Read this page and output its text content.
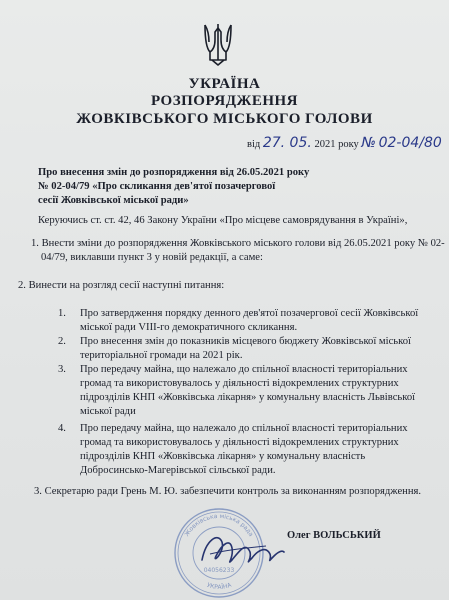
УКРАЇНА
РОЗПОРЯДЖЕННЯ
ЖОВКІВСЬКОГО МІСЬКОГО ГОЛОВИ
від 27. 05. 2021 року № 02-04/80
Про внесення змін до розпорядження від 26.05.2021 року
№ 02-04/79 «Про скликання дев'ятої позачергової
сесії Жовківської міської ради»
Керуючись ст. ст. 42, 46 Закону України «Про місцеве самоврядування в Україні»,
1. Внести зміни до розпорядження Жовківського міського голови від 26.05.2021 року № 02-
04/79, виклавши пункт 3 у новій редакції, а саме:
2. Винести на розгляд сесії наступні питання:
1. Про затвердження порядку денного дев'ятої позачергової сесії Жовківської
міської ради VIII-го демократичного скликання.
2. Про внесення змін до показників місцевого бюджету Жовківської міської
територіальної громади на 2021 рік.
3. Про передачу майна, що належало до спільної власності територіальних
громад та використовувалось у діяльності відокремлених структурних
підрозділів КНП «Жовківська лікарня» у комунальну власність Львівської
міської ради
4. Про передачу майна, що належало до спільної власності територіальних
громад та використовувалось у діяльності відокремлених структурних
підрозділів КНП «Жовківська лікарня» у комунальну власність
Добросинсько-Магерівської сільської ради.
3. Секретарю ради Грень М. Ю. забезпечити контроль за виконанням розпорядження.
Жовківська міська рада
УКРАЇНА
04056233
Олег ВОЛЬСЬКИЙ
